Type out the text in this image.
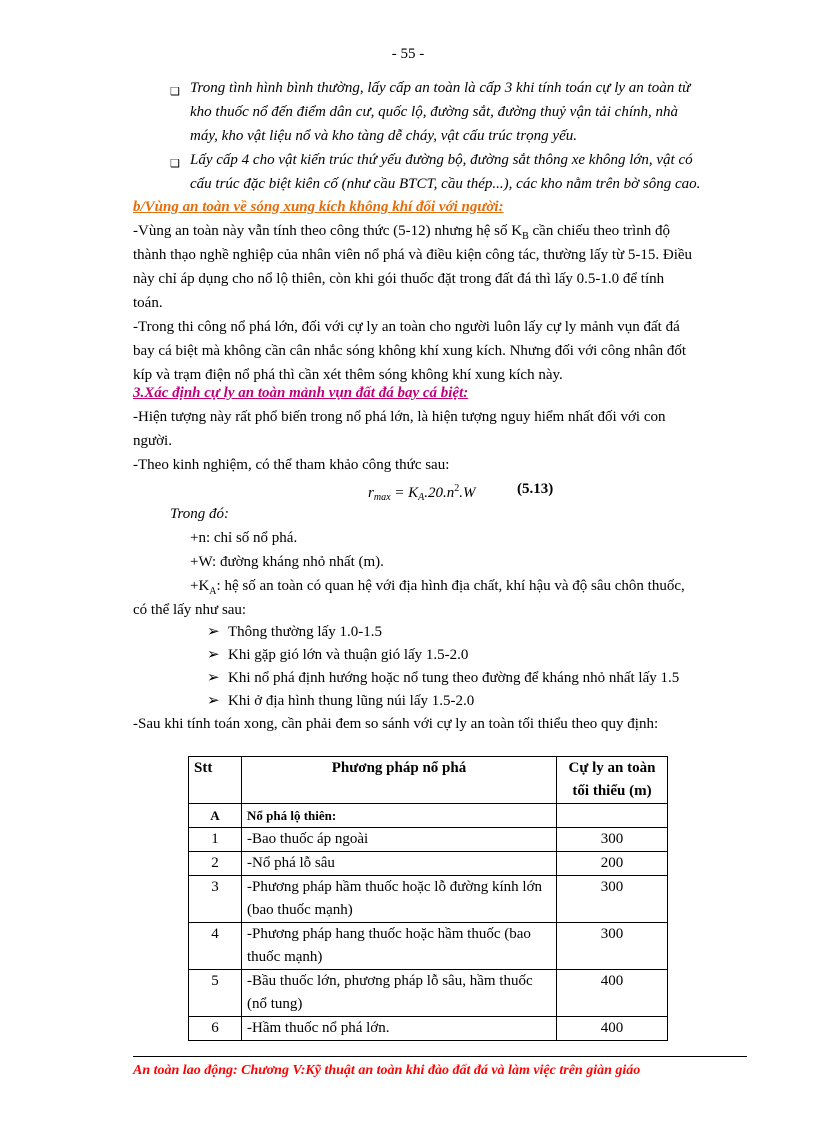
- 55 -
❑ Trong tình hình bình thường, lấy cấp an toàn là cấp 3 khi tính toán cự ly an toàn từ
kho thuốc nổ đến điểm dân cư, quốc lộ, đường sắt, đường thuỷ vận tải chính, nhà
máy, kho vật liệu nổ và kho tàng dễ cháy, vật cấu trúc trọng yếu.
❑ Lấy cấp 4 cho vật kiến trúc thứ yếu đường bộ, đường sắt thông xe không lớn, vật có
cấu trúc đặc biệt kiên cố (như cầu BTCT, cầu thép...), các kho nằm trên bờ sông cao.
b/Vùng an toàn về sóng xung kích không khí đối với người:
-Vùng an toàn này vẫn tính theo công thức (5-12) nhưng hệ số $K_B$ cần chiếu theo trình độ
thành thạo nghề nghiệp của nhân viên nổ phá và điều kiện công tác, thường lấy từ 5-15. Điều
này chỉ áp dụng cho nổ lộ thiên, còn khi gói thuốc đặt trong đất đá thì lấy 0.5-1.0 để tính
toán.
-Trong thi công nổ phá lớn, đối với cự ly an toàn cho người luôn lấy cự ly mảnh vụn đất đá
bay cá biệt mà không cần cân nhắc sóng không khí xung kích. Nhưng đối với công nhân đốt
kíp và trạm điện nổ phá thì cần xét thêm sóng không khí xung kích này.
3.Xác định cự ly an toàn mảnh vụn đất đá bay cá biệt:
-Hiện tượng này rất phổ biến trong nổ phá lớn, là hiện tượng nguy hiểm nhất đối với con
người.
-Theo kinh nghiệm, có thể tham khảo công thức sau:
$r_{max} = K_A.20.n^2.W$	(5.13)
Trong đó:
+n: chỉ số nổ phá.
+W: đường kháng nhỏ nhất (m).
$+K_A$: hệ số an toàn có quan hệ với địa hình địa chất, khí hậu và độ sâu chôn thuốc,
có thể lấy như sau:
➢ Thông thường lấy 1.0-1.5
➢ Khi gặp gió lớn và thuận gió lấy 1.5-2.0
➢ Khi nổ phá định hướng hoặc nổ tung theo đường để kháng nhỏ nhất lấy 1.5
➢ Khi ở địa hình thung lũng núi lấy 1.5-2.0
-Sau khi tính toán xong, cần phải đem so sánh với cự ly an toàn tối thiểu theo quy định:
Stt	Phương pháp nổ phá	Cự ly an toàn
tối thiểu (m)
A	Nổ phá lộ thiên:	
1	-Bao thuốc áp ngoài	300
2	-Nổ phá lỗ sâu	200
3	-Phương pháp hầm thuốc hoặc lỗ đường kính lớn (bao thuốc mạnh)	300
4	-Phương pháp hang thuốc hoặc hầm thuốc (bao thuốc mạnh)	300
5	-Bầu thuốc lớn, phương pháp lỗ sâu, hầm thuốc (nổ tung)	400
6	-Hầm thuốc nổ phá lớn.	400
An toàn lao động: Chương V:Kỹ thuật an toàn khi đào đất đá và làm việc trên giàn giáo
